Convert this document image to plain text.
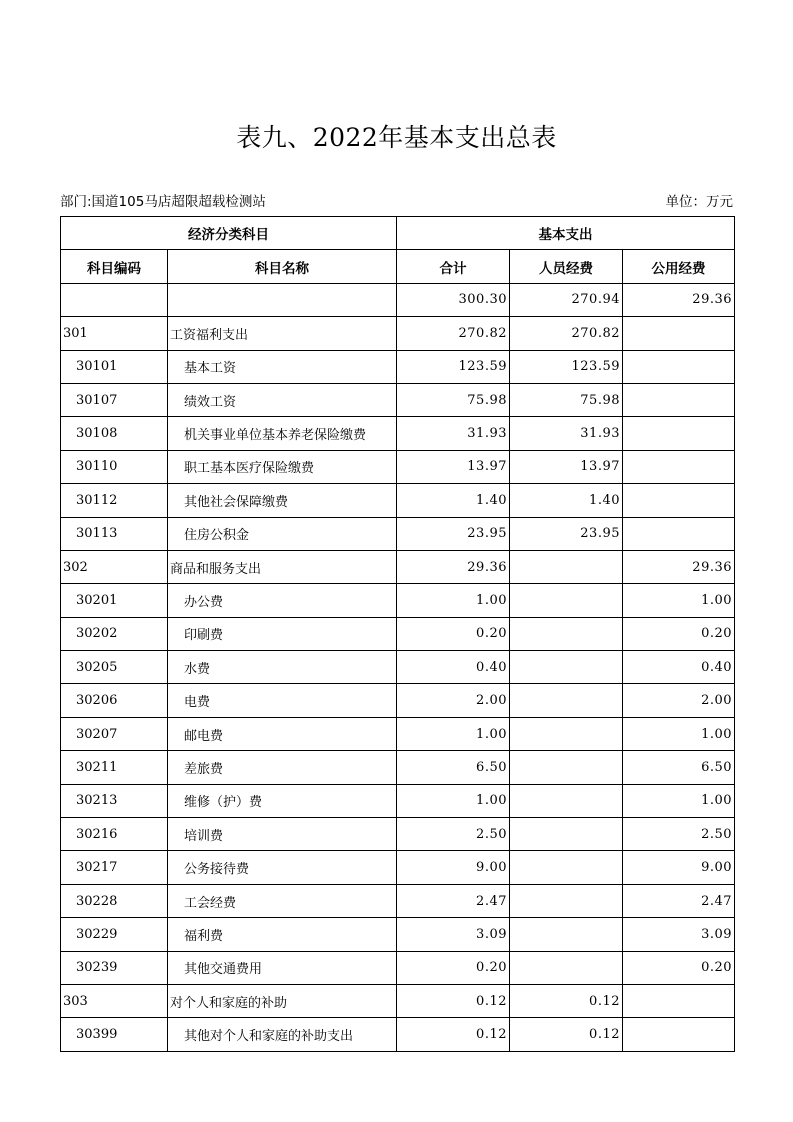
表九、2022年基本支出总表
部门:国道105马店超限超载检测站	单位：万元
经济分类科目		基本支出		
科目编码	科目名称	合计	人员经费	公用经费
		300.30	270.94	29.36
301	工资福利支出	270.82	270.82	
30101	基本工资	123.59	123.59	
30107	绩效工资	75.98	75.98	
30108	机关事业单位基本养老保险缴费	31.93	31.93	
30110	职工基本医疗保险缴费	13.97	13.97	
30112	其他社会保障缴费	1.40	1.40	
30113	住房公积金	23.95	23.95	
302	商品和服务支出	29.36		29.36
30201	办公费	1.00		1.00
30202	印刷费	0.20		0.20
30205	水费	0.40		0.40
30206	电费	2.00		2.00
30207	邮电费	1.00		1.00
30211	差旅费	6.50		6.50
30213	维修（护）费	1.00		1.00
30216	培训费	2.50		2.50
30217	公务接待费	9.00		9.00
30228	工会经费	2.47		2.47
30229	福利费	3.09		3.09
30239	其他交通费用	0.20		0.20
303	对个人和家庭的补助	0.12	0.12	
30399	其他对个人和家庭的补助支出	0.12	0.12	
